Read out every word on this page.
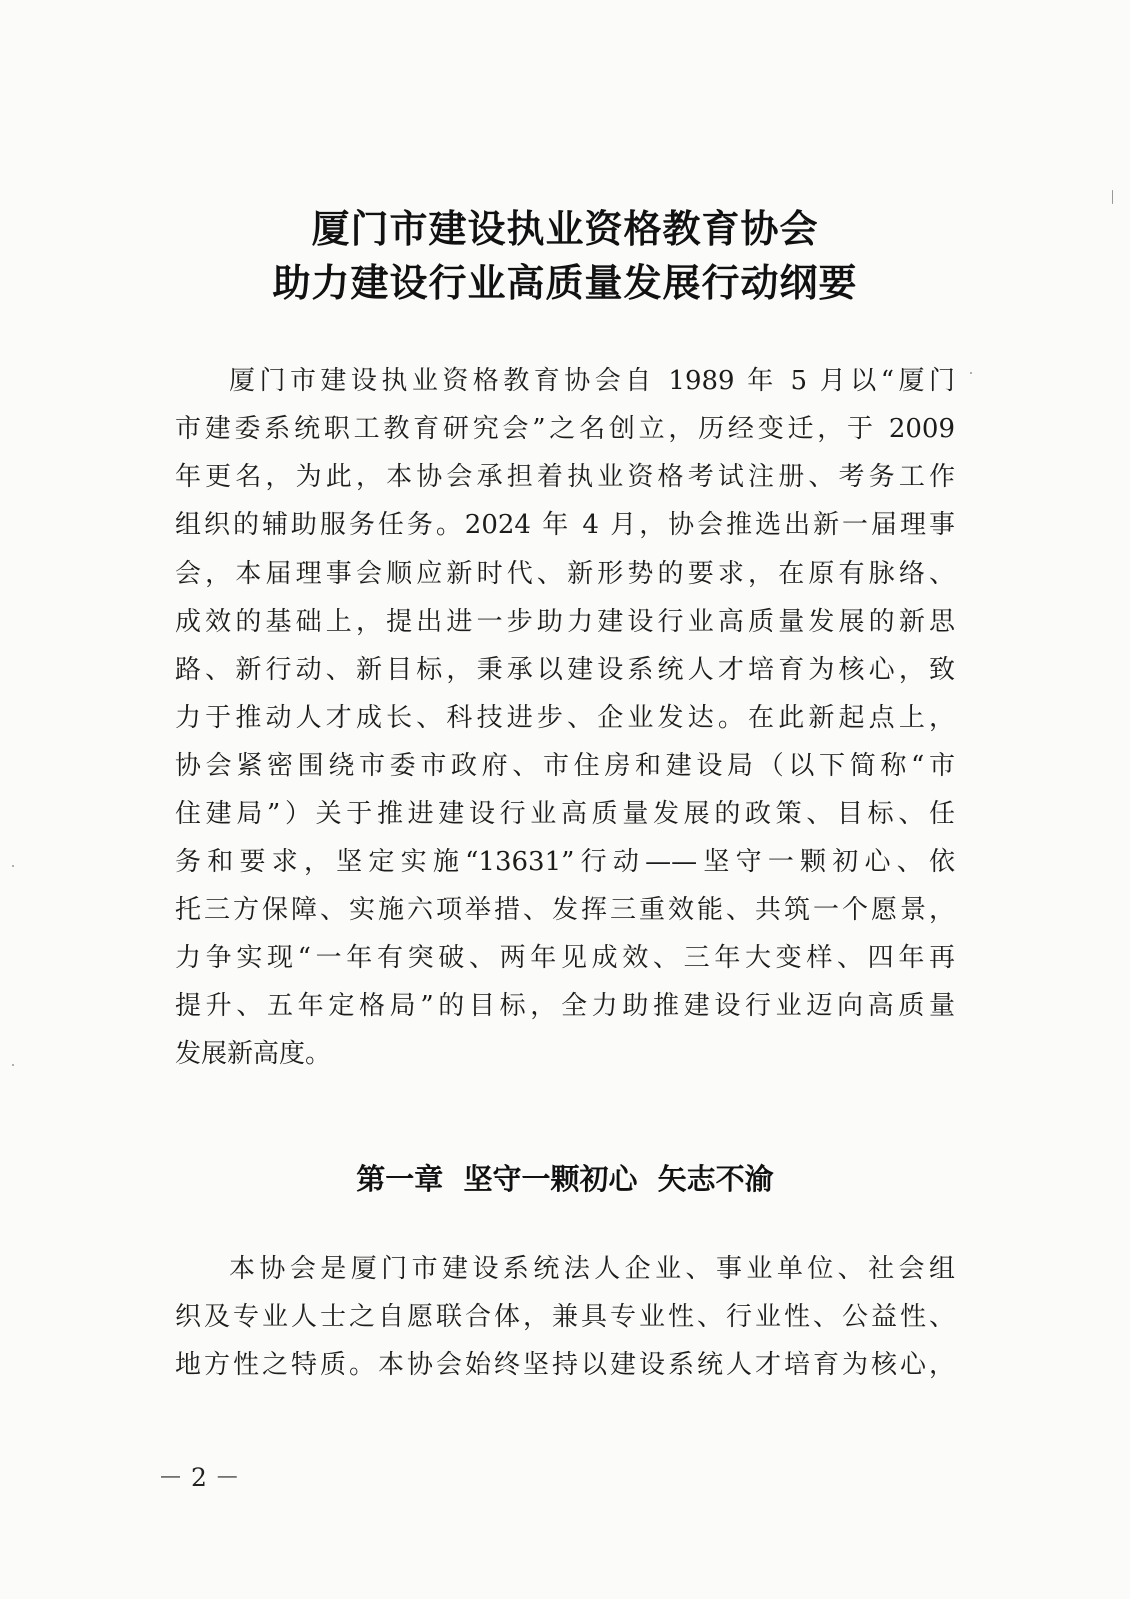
厦门市建设执业资格教育协会
助力建设行业高质量发展行动纲要
厦门市建设执业资格教育协会自 1989 年 5 月以“厦门
市建委系统职工教育研究会”之名创立，历经变迁，于 2009
年更名，为此，本协会承担着执业资格考试注册、考务工作
组织的辅助服务任务。2024 年 4 月，协会推选出新一届理事
会，本届理事会顺应新时代、新形势的要求，在原有脉络、
成效的基础上，提出进一步助力建设行业高质量发展的新思
路、新行动、新目标，秉承以建设系统人才培育为核心，致
力于推动人才成长、科技进步、企业发达。在此新起点上，
协会紧密围绕市委市政府、市住房和建设局（以下简称“市
住建局”）关于推进建设行业高质量发展的政策、目标、任
务和要求，坚定实施“13631”行动——坚守一颗初心、依
托三方保障、实施六项举措、发挥三重效能、共筑一个愿景，
力争实现“一年有突破、两年见成效、三年大变样、四年再
提升、五年定格局”的目标，全力助推建设行业迈向高质量
发展新高度。
第一章  坚守一颗初心  矢志不渝
本协会是厦门市建设系统法人企业、事业单位、社会组
织及专业人士之自愿联合体，兼具专业性、行业性、公益性、
地方性之特质。本协会始终坚持以建设系统人才培育为核心，
－ 2 －
